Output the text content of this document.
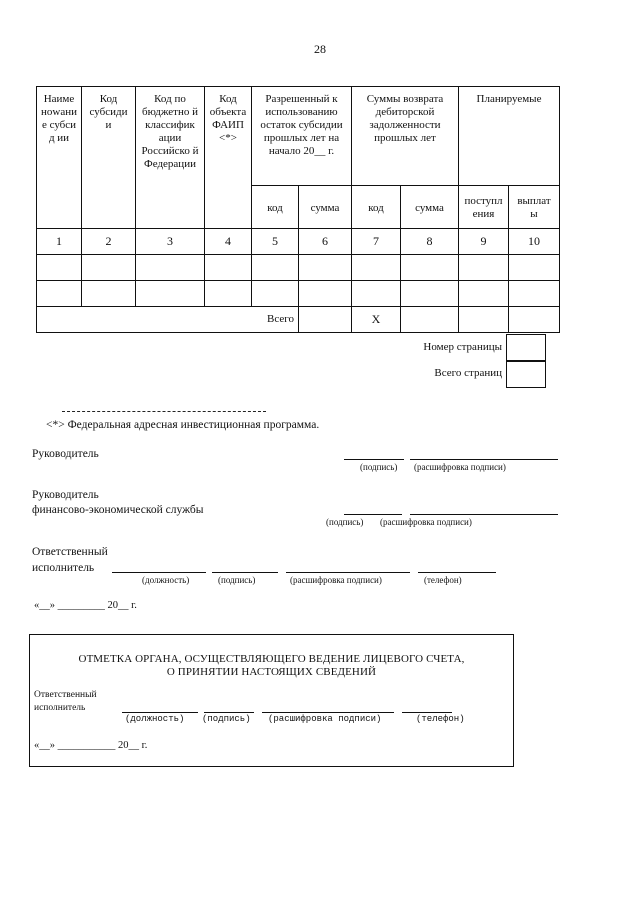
28
Наиме нowaни е субсид ии	Код субсиди и	Код по бюджетно й классифик ации Российско й Федерации	Код объекта ФАИП <*>	Разрешенный к использованию остаток субсидии прошлых лет на начало 20__ г.		Суммы возврата дебиторской задолженности прошлых лет		Планируемые	

				код	сумма	код	сумма	поступл ения	выплат ы

1	2	3	4	5	6	7	8	9	10

Всего						X			
Номер страницы
Всего страниц
<*> Федеральная адресная инвестиционная программа.
Руководитель
(подпись) (расшифровка подписи)
Руководитель
финансово-экономической службы
(подпись) (расшифровка подписи)
Ответственный
исполнитель
(должность)	(подпись)	(расшифровка подписи)	(телефон)
«__» _________ 20__ г.
ОТМЕТКА ОРГАНА, ОСУЩЕСТВЛЯЮЩЕГО ВЕДЕНИЕ ЛИЦЕВОГО СЧЕТА,
О ПРИНЯТИИ НАСТОЯЩИХ СВЕДЕНИЙ
Ответственный
исполнитель
(должность) (подпись) (расшифровка подписи)	(телефон)
«__» ___________ 20__ г.
